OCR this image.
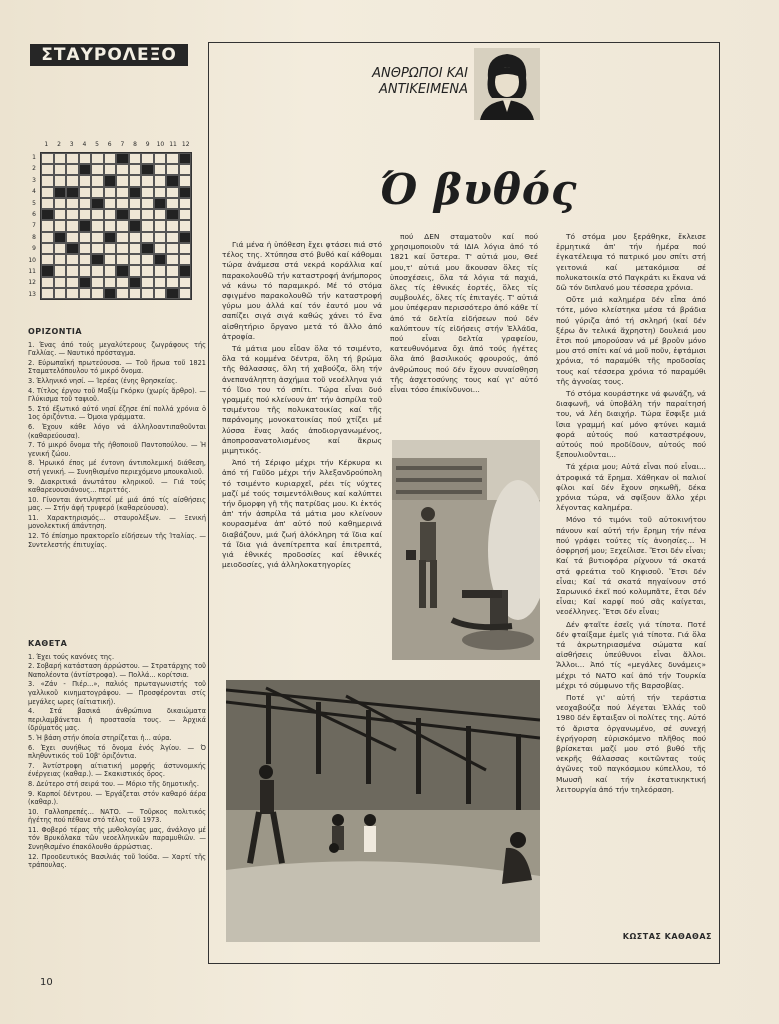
ΣΤΑΥΡΟΛΕΞΟ
1	2	3	4	5	6	7	8	9	10 11 12
1
2
3
4
5
6
7
8
9
10
11
12
13
ΟΡΙΖΟΝΤΙΑ

1. Ένας άπό τούς μεγαλύτερους ζωγράφους τής Γαλλίας. — Ναυτικό πρόσταγμα.

2. Εύρωπαϊκή πρωτεύουσα. — Τοῦ ἥρωα τοῦ 1821 Σταματελόπουλου τό μικρό ὄνομα.

3. Έλληνικό νησί. — Ίερέας (ένης θρησκείας.

4. Τίτλος έργου τοῦ Μαξίμ Γκόρκυ (χωρίς ἄρθρο). — Γλύκισμα τοῦ ταψιοῦ.

5. Στό έξωτικό αύτό νησί έζησε έπί πολλά χρόνια ὁ 1ος ὁριζόντια. — Όμοια γράμματα.

6. Έχουν κάθε λόγο νά άλληλοαντιπαθοῦνται (καθαρεύουσα).

7. Τό μικρό ὄνομα τῆς ἠθοποιοῦ Παντοπούλου. — Ἡ γενική ζώου.

8. Ήρωικό έπος μέ έντονη άντιπολεμική διάθεση, στή γενική. — Συνηθισμένο περιεχόμενο μπουκαλιοῦ.

9. Διακριτικά άνωτάτου κληρικοῦ. — Γιά τούς καθαρευουσιάνους... περιττός.

10. Γίνονται άντιληπτοί μέ μιά άπό τίς αίσθήσεις μας. — Στήν άφή τρυφερό (καθαρεύουσα).

11. Χαρακτηρισμός... σταυρολέξων. — Ξενική μονολεκτική άπάντηση.

12. Τό έπίσημο πρακτορεῖο είδήσεων τῆς Ίταλίας. — Συντελεστής έπιτυχίας.

ΚΑΘΕΤΑ

1. Έχει τούς κανόνες της.

2. Σοβαρή κατάσταση άρρώστου. — Στρατάρχης τοῦ Ναπολέοντα (άντίστροφα). — Πολλά... κορίτσια.

3. «Ζάν - Πιέρ...», παλιός πρωταγωνιστής τοῦ γαλλικοῦ κινηματογράφου. — Προσφέρονται στίς μεγάλες ωρες (αίτιατική).

4. Στά βασικά άνθρώπινα δικαιώματα περιλαμβάνεται ἡ προστασία τους. — Άρχικά ίδρύματός μας.

5. Ἡ βάση στήν όποία στηρίζεται ἡ... αύρα.

6. Έχει συνήθως τό ὄνομα ἑνός Άγίου. — Ό πληθυντικός τοῦ 10β' ὁριζόντια.

7. Άντίστροφη αίτιατική μορφής άστυνομικής ένέργειας (καθαρ.). — Σκακιστικός ὅρος.

8. Δεύτερο στή σειρά του. — Μόριο τῆς δημοτικῆς.

9. Καρποί δέντρου. — Έργάζεται στόν καθαρό άέρα (καθαρ.).

10. Γαλλοπρεπές... ΝΑΤΟ. — Τοῦρκος πολιτικός ἡγέτης πού πέθανε στό τέλος τοῦ 1973.

11. Φοβερό τέρας τῆς μυθολογίας μας, άνάλογο μέ τόν Βρυκόλακα τῶν νεοελληνικῶν παραμυθιῶν. — Συνηθισμένο έπακόλουθο άρρώστιας.

12. Προοδευτικός Βασιλιάς τοῦ Ίούδα. — Χαρτί τῆς τράπουλας.

10
ΑΝΘΡΩΠΟΙ ΚΑΙ ΑΝΤΙΚΕΙΜΕΝΑ
Ό βυθός

Γιά μένα ἡ ὑπόθεση ἔχει φτάσει πιά στό τέλος της. Χτύπησα στό βυθό καί κάθομαι τώρα ἀνάμεσα στά νεκρά κοράλλια καί παρακολουθῶ τήν καταστροφή ἀνήμπορος νά κάνω τό παραμικρό. Μέ τό στόμα σφιγμένο παρακολουθῶ τήν καταστροφή γύρω μου ἀλλά καί τόν ἑαυτό μου νά σαπίζει σιγά σιγά καθώς χάνει τό ἕνα αἰσθητήριο ὄργανο μετά τό ἄλλο ἀπό ἀτροφία.

Τά μάτια μου εἶδαν ὅλα τό τσιμέντο, ὅλα τά κομμένα δέντρα, ὅλη τή βρώμα τῆς θάλασσας, ὅλη τή χαβούζα, ὅλη τήν ἀνεπανάληπτη ἀσχήμια τοῦ νεοέλληνα γιά τό ἴδιο του τό σπίτι. Τώρα εἶναι δυό γραμμές πού κλείνουν ἀπ' τήν ἀσπρίλα τοῦ τσιμέντου τῆς πολυκατοικίας καί τῆς παράνομης μονοκατοικίας πού χτίζει μέ λύσσα ἕνας λαός ἀποδιοργανωμένος, ἀποπροσανατολισμένος καί ἄκρως μιμητικός.

Ἀπό τή Σέριφο μέχρι τήν Κέρκυρα κι ἀπό τή Γαῦδο μέχρι τήν Ἀλεξανδρούπολη τό τσιμέντο κυριαρχεῖ, ρέει τίς νύχτες μαζί μέ τούς τσιμεντόλιθους καί καλύπτει τήν ὄμορφη γῆ τῆς πατρίδας μου. Κι ἐκτός ἀπ' τήν ἀσπρίλα τά μάτια μου κλείνουν κουρασμένα ἀπ' αὐτό πού καθημερινά διαβάζουν, μιά ζωή ἀλόκληρη τά ἴδια καί τά ἴδια γιά ἀνεπίτρεπτα καί ἐπιτρεπτά, γιά ἐθνικές προδοσίες καί ἐθνικές μειοδοσίες, γιά ἀλληλοκατηγορίες

πού ΔΕΝ σταματοῦν καί πού χρησιμοποιοῦν τά ΙΔΙΑ λόγια ἀπό τό 1821 καί ὕστερα. Τ' αὐτιά μου, Θεέ μου,τ' αὐτιά μου ἄκουσαν ὅλες τίς ὑποσχέσεις, ὅλα τά λόγια τά παχιά, ὅλες τίς ἐθνικές ἑορτές, ὅλες τίς συμβουλές, ὅλες τίς ἐπιταγές. Τ' αὐτιά μου ὑπέφεραν περισσότερο ἀπό κάθε τί ἀπό τά δελτία εἰδήσεων πού δέν καλύπτουν τίς εἰδήσεις στήν Ἑλλάδα, πού εἶναι δελτία γραφείου, κατευθυνόμενα ὄχι ἀπό τούς ἡγέτες ὅλα ἀπό βασιλικούς φρουρούς, ἀπό ἀνθρώπους πού δέν ἔχουν συναίσθηση τῆς ἀσχετοσύνης τους καί γι' αὐτό εἶναι τόσο ἐπικίνδυνοι...

Τό στόμα μου ξεράθηκε, ἔκλεισε ἑρμητικά ἀπ' τήν ἡμέρα πού ἐγκατέλειψα τό πατρικό μου σπίτι στή γειτονιά καί μετακόμισα σέ πολυκατοικία στό Παγκράτι κι ἔκανα νά δῶ τόν διπλανό μου τέσσερα χρόνια.

Οὔτε μιά καλημέρα δέν εἶπα ἀπό τότε, μόνο κλείστηκα μέσα τά βράδια πού γύριζα ἀπό τή σκληρή (καί δέν ξέρω ἄν τελικά ἄχρηστη) δουλειά μου ἔτσι πού μπορούσαν νά μέ βροῦν μόνο μου στό σπίτι καί νά μοῦ ποῦν, ἐφτάμισι χρόνια, τό παραμύθι τῆς προδοσίας τους καί τέσσερα χρόνια τό παραμύθι τῆς ἀγνοίας τους.

Τό στόμα κουράστηκε νά φωνάζη, νά διαφωνῆ, νά ὑποβάλη τήν παραίτησή του, νά λέη διαιχήρ. Τώρα ἔσφιξε μιά ἴσια γραμμή καί μόνο φτύνει καμιά φορά αὐτούς πού καταστρέφουν, αὐτούς πού προδίδουν, αὐτούς πού ξεπουλιοῦνται...

Τά χέρια μου; Αὐτά εἶναι πού εἶναι... ἀτροφικά τά ἔρημα. Χάθηκαν οἱ παλιοί φίλοι καί δέν ἔχουν σηκωθῆ, δέκα χρόνια τώρα, νά σφίξουν ἄλλο χέρι λέγοντας καλημέρα.

Μόνο τό τιμόνι τοῦ αὐτοκινήτου πάνουν καί αὐτή τήν ἔρημη τήν πένα πού γράφει τούτες τίς ἀνοησίες... Ἡ ὀσφρησή μου; Ξεχείλισε. Ἔτσι δέν εἶναι; Καί τά βυτιοφόρα ρίχνουν τά σκατά στά φρεάτια τοῦ Κηφισοῦ. Ἔτσι δέν εἶναι; Καί τά σκατά πηγαίνουν στό Σαρωνικό ἐκεῖ πού κολυμπᾶτε, ἔτσι δέν εἶναι; Καί καρφί πού σᾶς καίγεται, νεοέλληνες. Ἔτσι δέν εἶναι;

Δέν φταῖτε ἐσεῖς γιά τίποτα. Ποτέ δέν φταίξαμε ἐμεῖς γιά τίποτα. Γιά ὅλα τά ἀκρωτηριασμένα σώματα καί αἰσθήσεις ὑπεύθυνοι εἶναι ἄλλοι. Ἄλλοι... Ἀπό τίς «μεγάλες δυνάμεις» μέχρι τό ΝΑΤΟ καί ἀπό τήν Τουρκία μέχρι τό σύμφωνο τῆς Βαρσοβίας.

Ποτέ γι' αὐτή τήν τεράστια νεοχαβούζα πού λέγεται Ἑλλάς τοῦ 1980 δέν ἔφταιξαν οἱ πολίτες της. Αὐτό τό ἄριστα ὀργανωμένο, σέ συνεχή ἐγρήγορση εὐρισκόμενο πλῆθος πού βρίσκεται μαζί μου στό βυθό τῆς νεκρῆς θάλασσας κοιτῶντας τούς ἀγῶνες τοῦ παγκόσμιου κύπελλου, τό Μωυσῆ καί τήν ἐκστατικηκτική λειτουργία ἀπό τήν τηλεόραση.

ΚΩΣΤΑΣ ΚΑΘΑΘΑΣ
